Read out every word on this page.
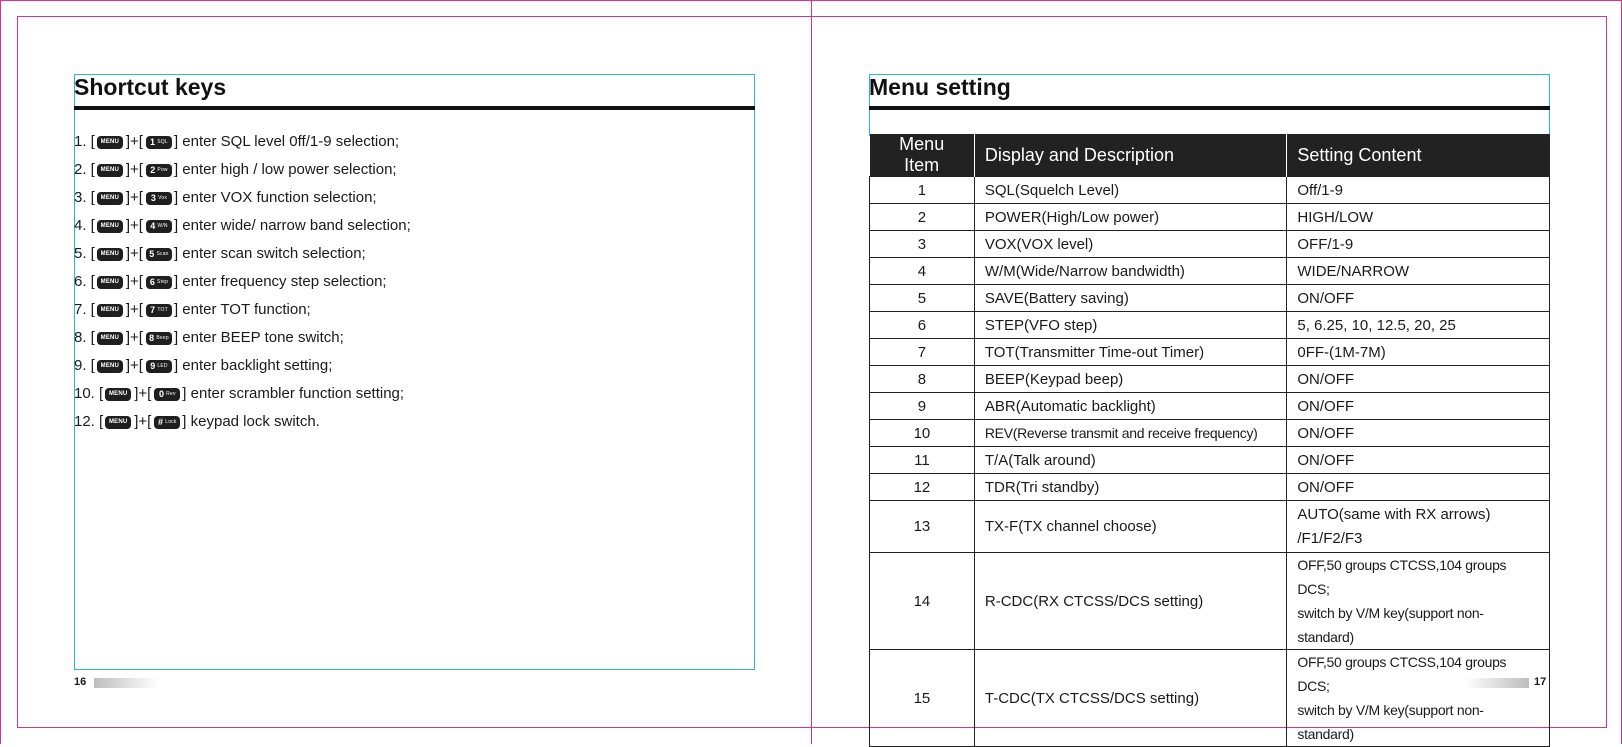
Shortcut keys
1. [ MENU ]+[ 1 SQL ] enter SQL level 0ff/1-9 selection;
2. [ MENU ]+[ 2 Pow ] enter high / low power selection;
3. [ MENU ]+[ 3 Vox ] enter VOX function selection;
4. [ MENU ]+[ 4 W/N ] enter wide/ narrow band selection;
5. [ MENU ]+[ 5 Scan ] enter scan switch selection;
6. [ MENU ]+[ 6 Step ] enter frequency step selection;
7. [ MENU ]+[ 7 TOT ] enter TOT function;
8. [ MENU ]+[ 8 Beep ] enter BEEP tone switch;
9. [ MENU ]+[ 9 LED ] enter backlight setting;
10. [ MENU ]+[ 0 Rev ] enter scrambler function setting;
12. [ MENU ]+[ # Lock ] keypad lock switch.
16
Menu setting
Menu Item	Display and Description	Setting Content
1	SQL(Squelch Level)	Off/1-9
2	POWER(High/Low power)	HIGH/LOW
3	VOX(VOX level)	OFF/1-9
4	W/M(Wide/Narrow bandwidth)	WIDE/NARROW
5	SAVE(Battery saving)	ON/OFF
6	STEP(VFO step)	5, 6.25, 10, 12.5, 20, 25
7	TOT(Transmitter Time-out Timer)	0FF-(1M-7M)
8	BEEP(Keypad beep)	ON/OFF
9	ABR(Automatic backlight)	ON/OFF
10	REV(Reverse transmit and receive frequency)	ON/OFF
11	T/A(Talk around)	ON/OFF
12	TDR(Tri standby)	ON/OFF
13	TX-F(TX channel choose)	AUTO(same with RX arrows)
/F1/F2/F3

14	R-CDC(RX CTCSS/DCS setting)	OFF,50 groups CTCSS,104 groups DCS;
switch by V/M key(support non-standard)

15	T-CDC(TX CTCSS/DCS setting)	OFF,50 groups CTCSS,104 groups DCS;
switch by V/M key(support non-standard)
17
